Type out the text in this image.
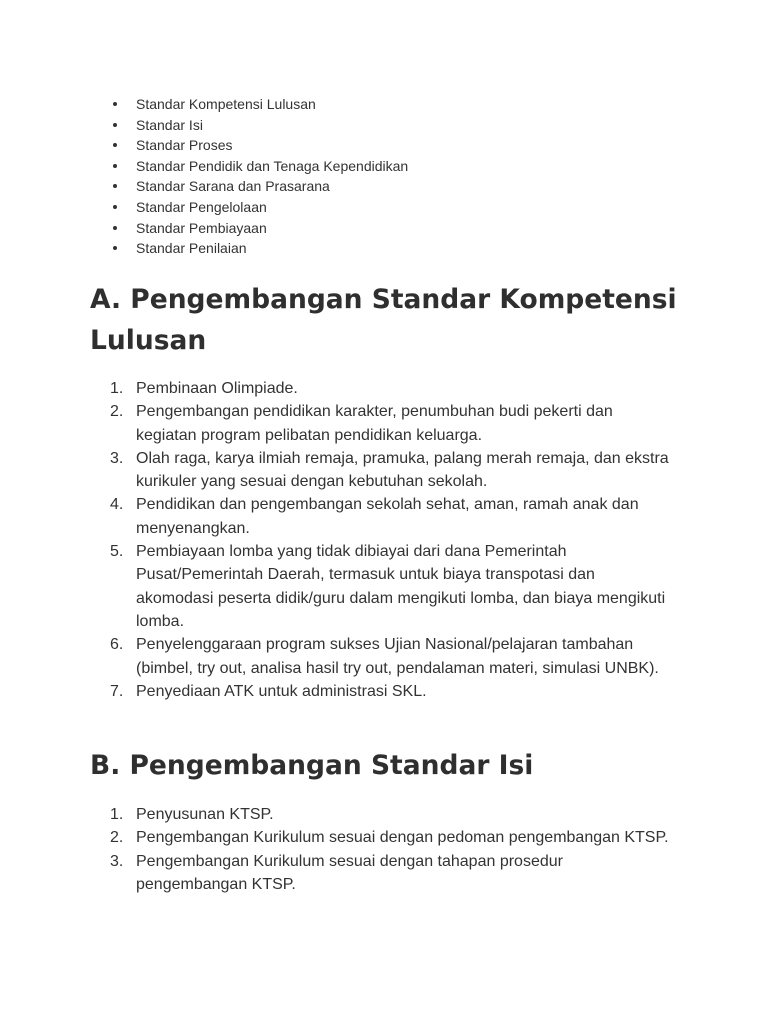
Standar Kompetensi Lulusan
Standar Isi
Standar Proses
Standar Pendidik dan Tenaga Kependidikan
Standar Sarana dan Prasarana
Standar Pengelolaan
Standar Pembiayaan
Standar Penilaian
A. Pengembangan Standar Kompetensi Lulusan
1. Pembinaan Olimpiade.
2. Pengembangan pendidikan karakter, penumbuhan budi pekerti dan kegiatan program pelibatan pendidikan keluarga.
3. Olah raga, karya ilmiah remaja, pramuka, palang merah remaja, dan ekstra kurikuler yang sesuai dengan kebutuhan sekolah.
4. Pendidikan dan pengembangan sekolah sehat, aman, ramah anak dan menyenangkan.
5. Pembiayaan lomba yang tidak dibiayai dari dana Pemerintah Pusat/Pemerintah Daerah, termasuk untuk biaya transpotasi dan akomodasi peserta didik/guru dalam mengikuti lomba, dan biaya mengikuti lomba.
6. Penyelenggaraan program sukses Ujian Nasional/pelajaran tambahan (bimbel, try out, analisa hasil try out, pendalaman materi, simulasi UNBK).
7. Penyediaan ATK untuk administrasi SKL.
B. Pengembangan Standar Isi
1. Penyusunan KTSP.
2. Pengembangan Kurikulum sesuai dengan pedoman pengembangan KTSP.
3. Pengembangan Kurikulum sesuai dengan tahapan prosedur pengembangan KTSP.
